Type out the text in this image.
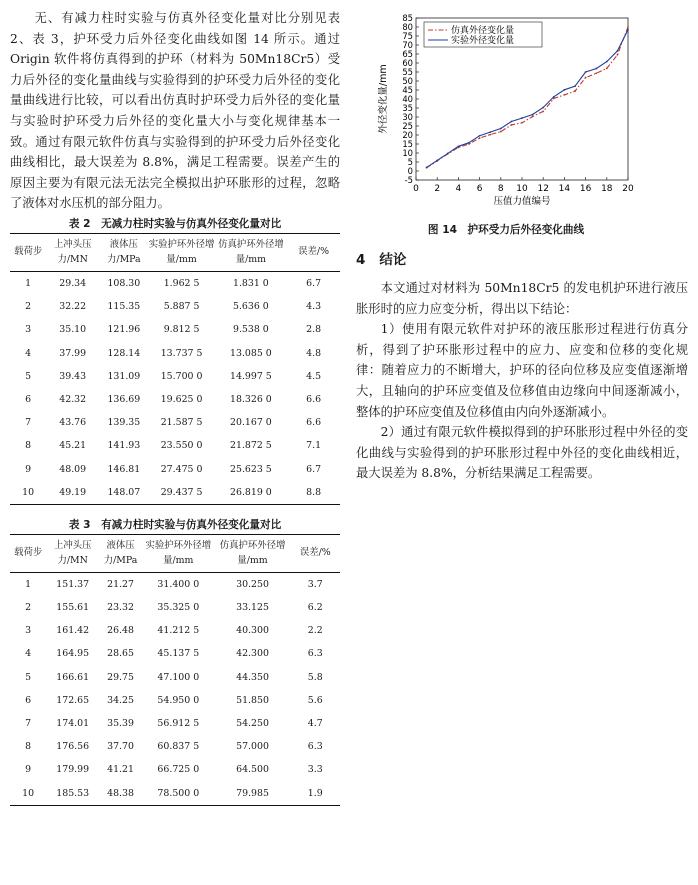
无、有减力柱时实验与仿真外径变化量对比分别见表 2、表 3，护环受力后外径变化曲线如图 14 所示。通过 Origin 软件将仿真得到的护环（材料为 50Mn18Cr5）受力后外径的变化量曲线与实验得到的护环受力后外径的变化量曲线进行比较，可以看出仿真时护环受力后外径的变化量与实验时护环受力后外径的变化量大小与变化规律基本一致。通过有限元软件仿真与实验得到的护环受力后外径变化曲线相比，最大误差为 8.8%，满足工程需要。误差产生的原因主要为有限元法无法完全模拟出护环胀形的过程，忽略了液体对水压机的部分阻力。

表 2　无减力柱时实验与仿真外径变化量对比
载荷步	上冲头压力/MN	液体压力/MPa	实验护环外径增量/mm	仿真护环外径增量/mm	误差/%
1	29.34	108.30	1.962 5	1.831 0	6.7
2	32.22	115.35	5.887 5	5.636 0	4.3
3	35.10	121.96	9.812 5	9.538 0	2.8
4	37.99	128.14	13.737 5	13.085 0	4.8
5	39.43	131.09	15.700 0	14.997 5	4.5
6	42.32	136.69	19.625 0	18.326 0	6.6
7	43.76	139.35	21.587 5	20.167 0	6.6
8	45.21	141.93	23.550 0	21.872 5	7.1
9	48.09	146.81	27.475 0	25.623 5	6.7
10	49.19	148.07	29.437 5	26.819 0	8.8
表 3　有减力柱时实验与仿真外径变化量对比
载荷步	上冲头压力/MN	液体压力/MPa	实验护环外径增量/mm	仿真护环外径增量/mm	误差/%
1	151.37	21.27	31.400 0	30.250	3.7
2	155.61	23.32	35.325 0	33.125	6.2
3	161.42	26.48	41.212 5	40.300	2.2
4	164.95	28.65	45.137 5	42.300	6.3
5	166.61	29.75	47.100 0	44.350	5.8
6	172.65	34.25	54.950 0	51.850	5.6
7	174.01	35.39	56.912 5	54.250	4.7
8	176.56	37.70	60.837 5	57.000	6.3
9	179.99	41.21	66.725 0	64.500	3.3
10	185.53	48.38	78.500 0	79.985	1.9
0 2 4 6 8 10 12 14 16 18 20
-5
0
5
10
15
20
25
30
35
40
45
50
55
60
65
70
75
80
85
仿真外径变化量
实验外径变化量
压值力值编号
外径变化量/mm
图 14　护环受力后外径变化曲线
4 结论

本文通过对材料为 50Mn18Cr5 的发电机护环进行液压胀形时的应力应变分析，得出以下结论：

1）使用有限元软件对护环的液压胀形过程进行仿真分析，得到了护环胀形过程中的应力、应变和位移的变化规律：随着应力的不断增大，护环的径向位移及应变值逐渐增大，且轴向的护环应变值及位移值由边缘向中间逐渐减小，整体的护环应变值及位移值由内向外逐渐减小。

2）通过有限元软件模拟得到的护环胀形过程中外径的变化曲线与实验得到的护环胀形过程中外径的变化曲线相近，最大误差为 8.8%，分析结果满足工程需要。
